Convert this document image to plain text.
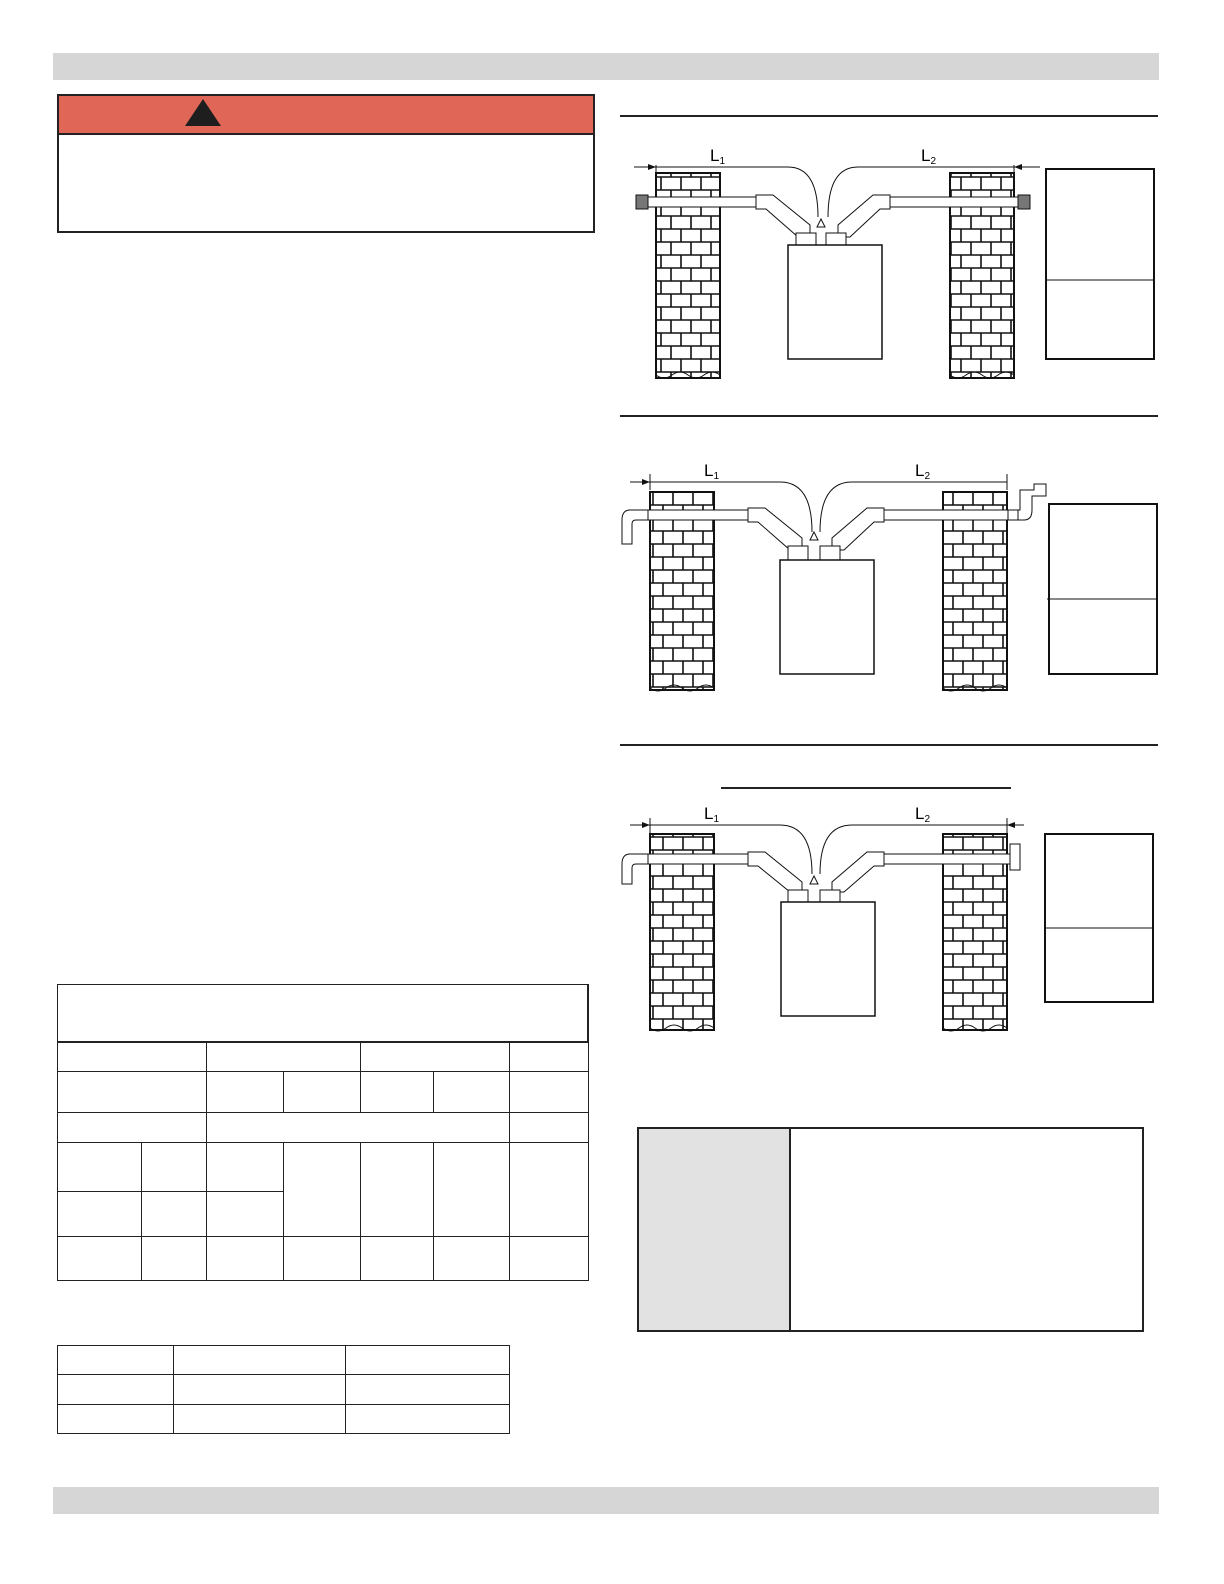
L1	L2
L1	L2
L1	L2
